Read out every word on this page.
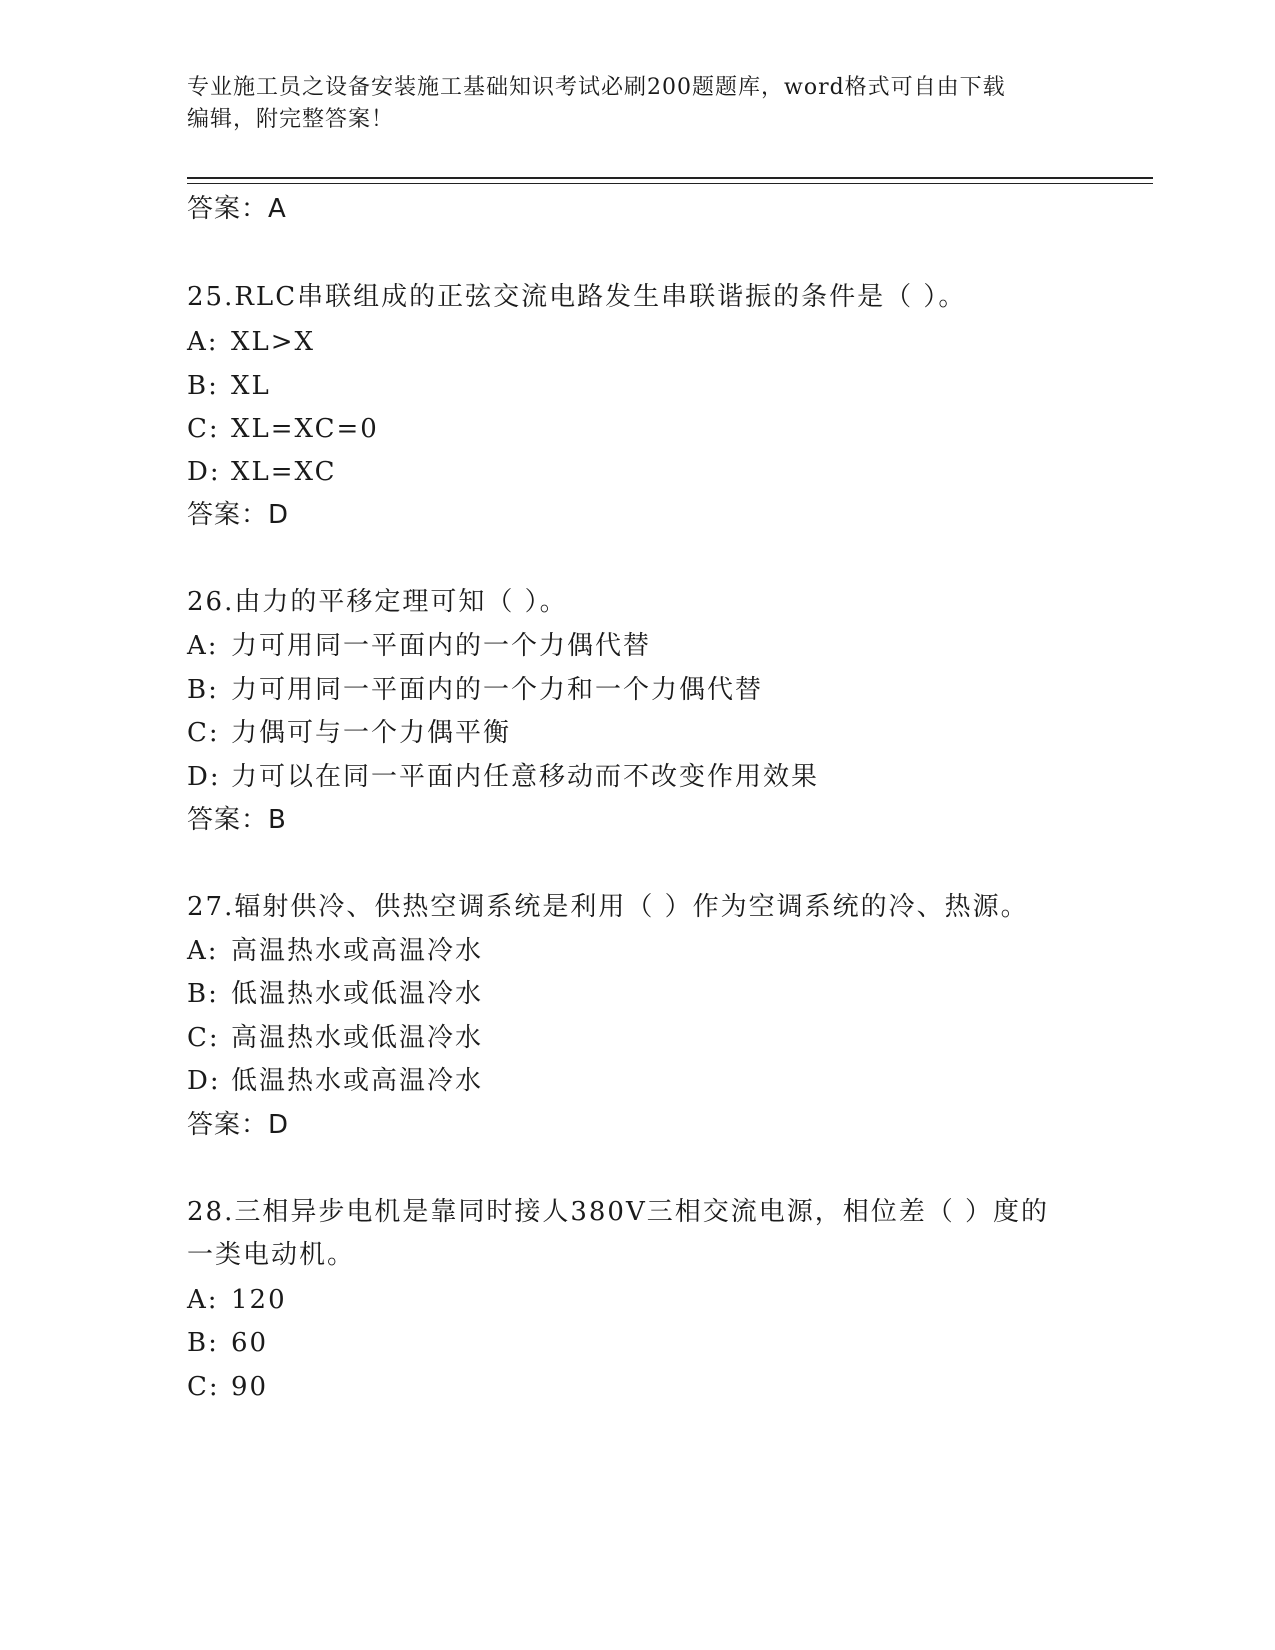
专业施工员之设备安装施工基础知识考试必刷200题题库，word格式可自由下载
编辑，附完整答案！
答案：A
25.RLC串联组成的正弦交流电路发生串联谐振的条件是（ ）。
A: XL>X
B: XL
C: XL=XC=0
D: XL=XC
答案：D
26.由力的平移定理可知（ ）。
A: 力可用同一平面内的一个力偶代替
B: 力可用同一平面内的一个力和一个力偶代替
C: 力偶可与一个力偶平衡
D: 力可以在同一平面内任意移动而不改变作用效果
答案：B
27.辐射供冷、供热空调系统是利用（ ）作为空调系统的冷、热源。
A: 高温热水或高温冷水
B: 低温热水或低温冷水
C: 高温热水或低温冷水
D: 低温热水或高温冷水
答案：D
28.三相异步电机是靠同时接人380V三相交流电源，相位差（ ）度的
一类电动机。
A: 120
B: 60
C: 90
